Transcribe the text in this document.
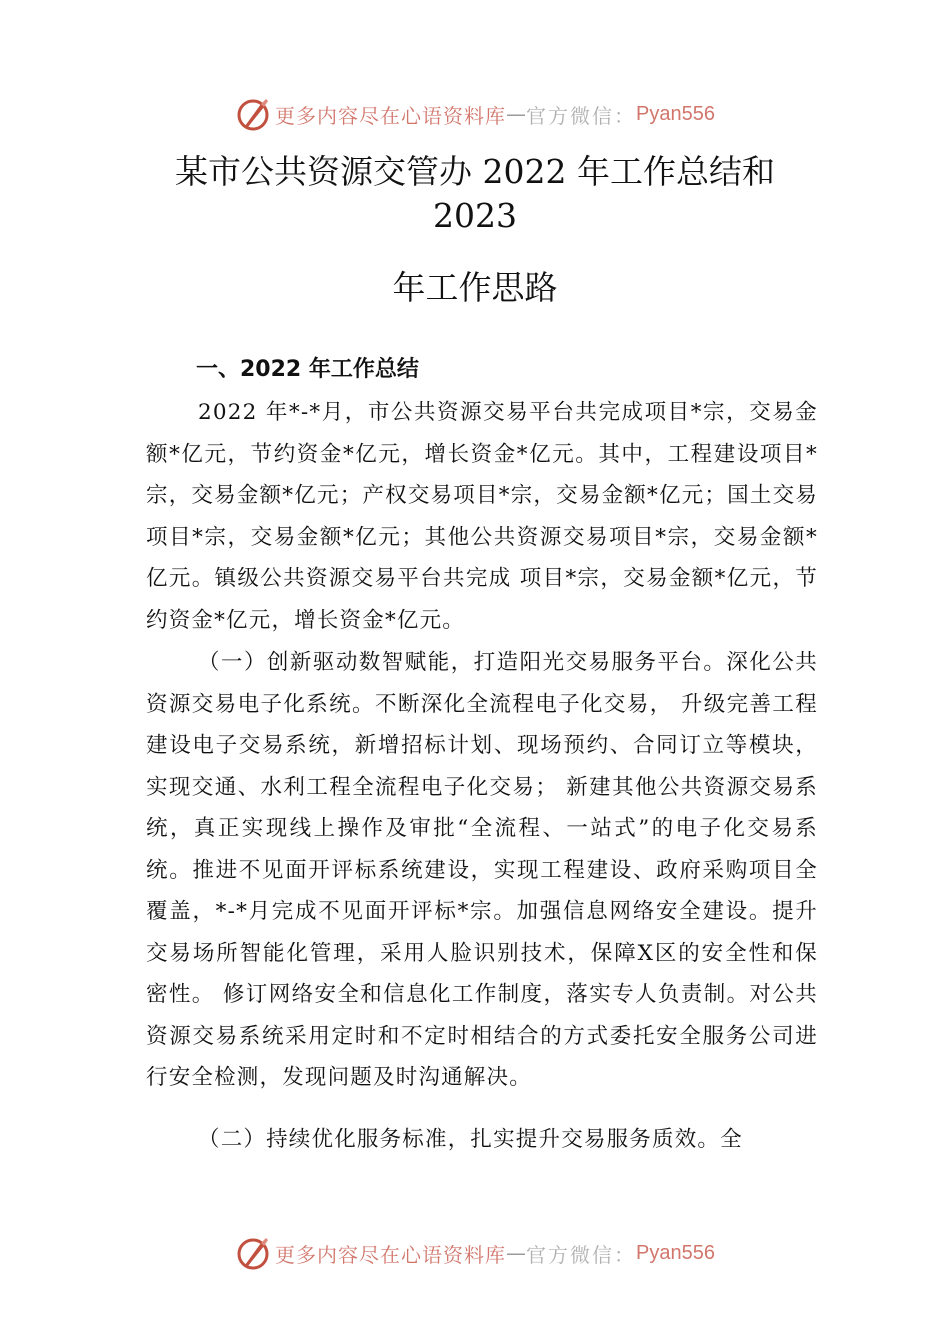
更多内容尽在心语资料库 — 官方微信： Pyan556
某市公共资源交管办 2022 年工作总结和
2023
年工作思路
一、2022 年工作总结

2022 年*-*月，市公共资源交易平台共完成项目*宗，交易金额*亿元，节约资金*亿元，增长资金*亿元。其中，工程建设项目*宗，交易金额*亿元；产权交易项目*宗，交易金额*亿元；国土交易项目*宗，交易金额*亿元；其他公共资源交易项目*宗，交易金额*亿元。镇级公共资源交易平台共完成 项目*宗，交易金额*亿元，节约资金*亿元，增长资金*亿元。

（一）创新驱动数智赋能，打造阳光交易服务平台。深化公共资源交易电子化系统。不断深化全流程电子化交易， 升级完善工程建设电子交易系统，新增招标计划、现场预约、合同订立等模块，实现交通、水利工程全流程电子化交易； 新建其他公共资源交易系统，真正实现线上操作及审批“全流程、一站式”的电子化交易系统。推进不见面开评标系统建设，实现工程建设、政府采购项目全覆盖，*-*月完成不见面开评标*宗。加强信息网络安全建设。提升交易场所智能化管理，采用人脸识别技术，保障X区的安全性和保密性。 修订网络安全和信息化工作制度，落实专人负责制。对公共资源交易系统采用定时和不定时相结合的方式委托安全服务公司进行安全检测，发现问题及时沟通解决。

（二）持续优化服务标准，扎实提升交易服务质效。全

更多内容尽在心语资料库 — 官方微信： Pyan556
